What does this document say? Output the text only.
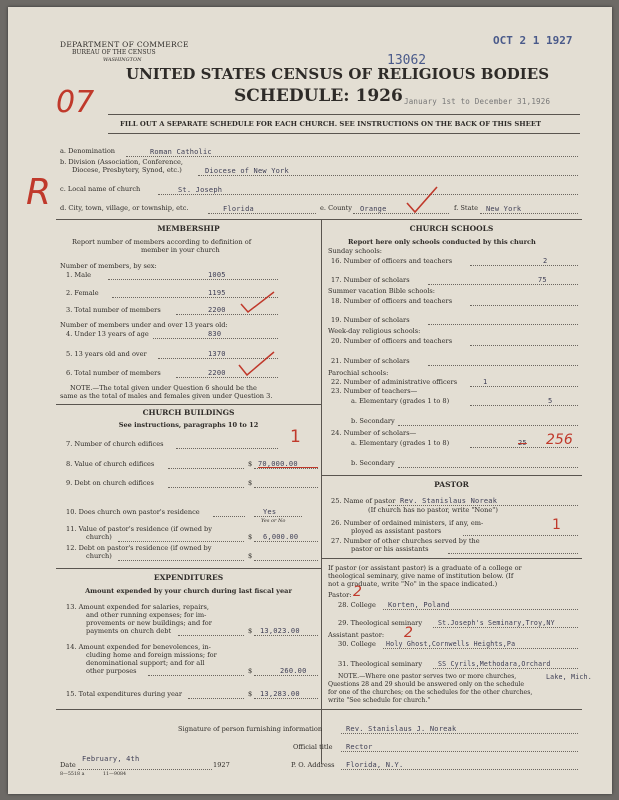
DEPARTMENT OF COMMERCE
BUREAU OF THE CENSUS
WASHINGTON
OCT 2 1 1927
13062
UNITED STATES CENSUS OF RELIGIOUS BODIES
SCHEDULE: 1926 January 1st to December 31,1926
07
R
FILL OUT A SEPARATE SCHEDULE FOR EACH CHURCH. SEE INSTRUCTIONS ON THE BACK OF THIS SHEET
a. Denomination	Roman Catholic
b. Division (Association, Conference,
Diocese, Presbytery, Synod, etc.)	Diocese of New York
c. Local name of church	St. Joseph
d. City, town, village, or township, etc.	Florida	e. County Orange	f. State New York
MEMBERSHIP
Report number of members according to definition of
member in your church
Number of members, by sex:
1. Male	1005
2. Female	1195
3. Total number of members	2200
Number of members under and over 13 years old:
4. Under 13 years of age	830
5. 13 years old and over	1370
6. Total number of members	2200
NOTE.—The total given under Question 6 should be the
same as the total of males and females given under Question 3.
CHURCH BUILDINGS
See instructions, paragraphs 10 to 12
7. Number of church edifices	1
8. Value of church edifices	$ 70,000.00
9. Debt on church edifices	$
10. Does church own pastor's residence	Yes
Yes or No
11. Value of pastor's residence (if owned by
church)	$ 6,000.00
12. Debt on pastor's residence (if owned by
church)	$
EXPENDITURES
Amount expended by your church during last fiscal year
13. Amount expended for salaries, repairs,
and other running expenses; for im-
provements or new buildings; and for
payments on church debt	$ 13,023.00
14. Amount expended for benevolences, in-
cluding home and foreign missions; for
denominational support; and for all
other purposes	$	260.00
15. Total expenditures during year	$ 13,283.00
CHURCH SCHOOLS
Report here only schools conducted by this church
Sunday schools:
16. Number of officers and teachers	2
17. Number of scholars	75
Summer vacation Bible schools:
18. Number of officers and teachers
19. Number of scholars
Week-day religious schools:
20. Number of officers and teachers
21. Number of scholars
Parochial schools:
22. Number of administrative officers	1
23. Number of teachers—
a. Elementary (grades 1 to 8)	5
b. Secondary
24. Number of scholars—
a. Elementary (grades 1 to 8)	25 256
b. Secondary
PASTOR
25. Name of pastor Rev. Stanislaus Noreak
(If church has no pastor, write "None")
26. Number of ordained ministers, if any, em-
ployed as assistant pastors	1
27. Number of other churches served by the
pastor or his assistants
If pastor (or assistant pastor) is a graduate of a college or
theological seminary, give name of institution below. (If
not a graduate, write "No" in the space indicated.)
Pastor: 2
28. College Korten, Poland
29. Theological seminary St.Joseph's Seminary,Troy,NY
Assistant pastor: 2
30. College Holy Ghost,Cornwells Heights,Pa
31. Theological seminary SS Cyrils,Methodara,Orchard
Lake, Mich.
NOTE.—Where one pastor serves two or more churches,
Questions 28 and 29 should be answered only on the schedule
for one of the churches; on the schedules for the other churches,
write "See schedule for church."
Signature of person furnishing information	Rev. Stanislaus J. Noreak
Official title Rector
Date
February, 4th
1927
8—5518 a	11—9084
P. O. Address Florida, N.Y.
